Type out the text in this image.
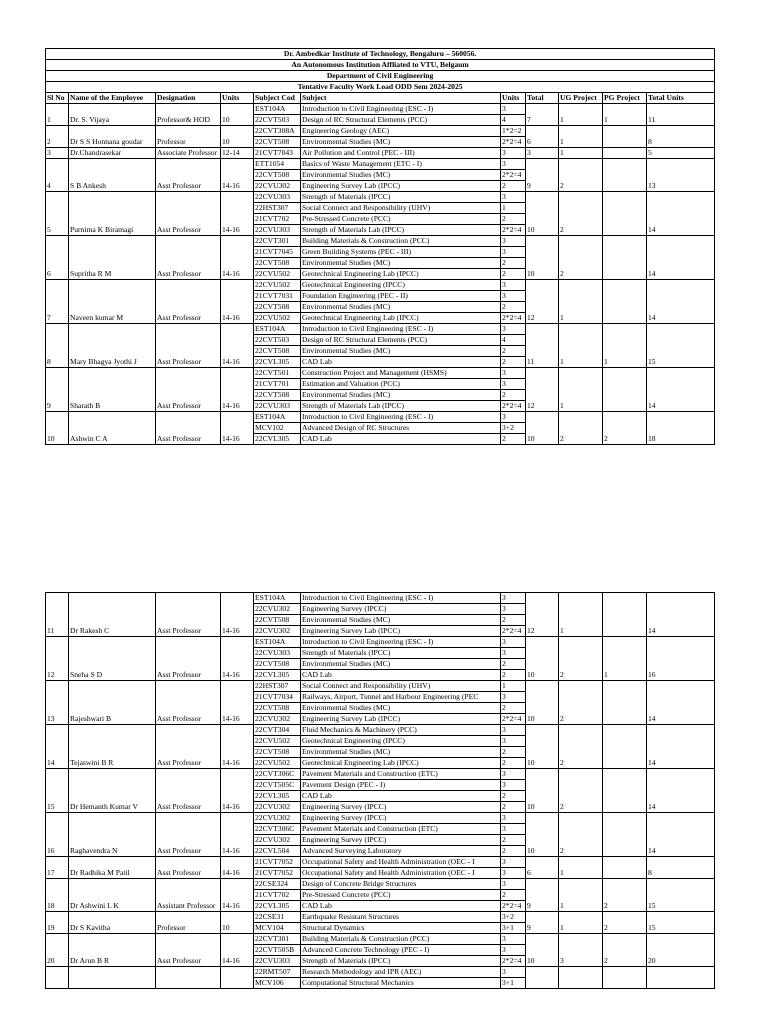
Dr. Ambedkar Institute of Technology, Bengaluru – 560056.										
An Autonomous Institution Affliated to VTU, Belgaum										
Department of Civil Engineering										
Tentative Faculty Work Load ODD Sem 2024-2025										
Sl No	Name of the Employee	Designation	Units	Subject Cod	Subject	Units	Total	UG Project	PG Project	Total Units
1	Dr. S. Vijaya	Professor& HOD	10	EST104A	Introduction to Civil Engineering (ESC - I)	3	7	1	1	11
				22CVT503	Design of RC Structural Elements (PCC)	4				
2	Dr S S Honnana goudar	Professor	10	22CVT308A	Engineering Geology (AEC)	1*2=2	6	1		8
				22CVT508	Environmental Studies (MC)	2*2=4				
3	Dr.Chandrasekar	Associate Professor	12-14	21CVT7043	Air Pollution and Control (PEC - III)	3	3	1		5
4	S B Ankesh	Asst Professor	14-16	ETT1054	Basics of Waste Management (ETC - I)	3	9	2		13
				22CVT508	Environmental Studies (MC)	2*2=4				
				22CVU302	Engineering Survey Lab (IPCC)	2				
5	Purnima K Biramagi	Asst Professor	14-16	22CVU303	Strength of Materials (IPCC)	3	10	2		14
				22HST307	Social Connect and Responsibility (UHV)	1				
				21CVT702	Pre-Stressed Concrete (PCC)	2				
				22CVU303	Strength of Materials Lab (IPCC)	2*2=4				
6	Supritha R M	Asst Professor	14-16	22CVT301	Building Materials & Construction (PCC)	3	10	2		14
				21CVT7045	Green Building Systems (PEC - III)	3				
				22CVT508	Environmental Studies (MC)	2				
				22CVU502	Geotechnical Engineering Lab (IPCC)	2				
7	Naveen kumar M	Asst Professor	14-16	22CVU502	Geotechnical Engineering (IPCC)	3	12	1		14
				21CVT7031	Foundation Engineering (PEC - II)	3				
				22CVT508	Environmental Studies (MC)	2				
				22CVU502	Geotechnical Engineering Lab (IPCC)	2*2=4				
8	Mary Bhagya Jyothi J	Asst Professor	14-16	EST104A	Introduction to Civil Engineering (ESC - I)	3	11	1	1	15
				22CVT503	Design of RC Structural Elements (PCC)	4				
				22CVT508	Environmental Studies (MC)	2				
				22CVL305	CAD Lab	2				
9	Sharath B	Asst Professor	14-16	22CVT501	Construction Project and Management (HSMS)	3	12	1		14
				21CVT701	Estimation and Valuation (PCC)	3				
				22CVT508	Environmental Studies (MC)	2				
				22CVU303	Strength of Materials Lab (IPCC)	2*2=4				
10	Ashwin C A	Asst Professor	14-16	EST104A	Introduction to Civil Engineering (ESC - I)	3	10	2	2	18
				MCV102	Advanced Design of RC Structures	3+2				
				22CVL305	CAD Lab	2				
11	Dr Rakesh C	Asst Professor	14-16	EST104A	Introduction to Civil Engineering (ESC - I)	3	12	1		14
				22CVU302	Engineering Survey (IPCC)	3				
				22CVT508	Environmental Studies (MC)	2				
				22CVU302	Engineering Survey Lab (IPCC)	2*2=4				
12	Sneha S D	Asst Professor	14-16	EST104A	Introduction to Civil Engineering (ESC - I)	3	10	2	1	16
				22CVU303	Strength of Materials (IPCC)	3				
				22CVT508	Environmental Studies (MC)	2				
				22CVL305	CAD Lab	2				
13	Rajeshwari B	Asst Professor	14-16	22HST307	Social Connect and Responsibility (UHV)	1	10	2		14
				21CVT7034	Railways, Airport, Tunnel and Harbour Engineering (PEC	3				
				22CVT508	Environmental Studies (MC)	2				
				22CVU302	Engineering Survey Lab (IPCC)	2*2=4				
14	Tejaswini B R	Asst Professor	14-16	22CVT304	Fluid Mechanics & Machinery (PCC)	3	10	2		14
				22CVU502	Geotechnical Engineering (IPCC)	3				
				22CVT508	Environmental Studies (MC)	2				
				22CVU502	Geotechnical Engineering Lab (IPCC)	2				
15	Dr Hemanth Kumar V	Asst Professor	14-16	22CVT306C	Pavement Materials and Construction (ETC)	3	10	2		14
				22CVT505C	Pavement Design (PEC - I)	3				
				22CVL305	CAD Lab	2				
				22CVU302	Engineering Survey (IPCC)	2				
16	Raghavendra N	Asst Professor	14-16	22CVU302	Engineering Survey (IPCC)	3	10	2		14
				22CVT306C	Pavement Materials and Construction (ETC)	3				
				22CVU302	Engineering Survey (IPCC)	2				
				22CVL504	Advanced Surveying Laboratory	2				
17	Dr Radhika M Patil	Asst Professor	14-16	21CVT7052	Occupational Safety and Health Administration (OEC - I	3	6	1		8
				21CVT7052	Occupational Safety and Health Administration (OEC - I	3				
18	Dr Ashwini L K	Assistant Professor	14-16	22CSE324	Design of Concrete Bridge Structures	3	9	1	2	15
				21CVT702	Pre-Stressed Concrete (PCC)	2				
				22CVL305	CAD Lab	2*2=4				
19	Dr S Kavitha	Professor	10	22CSE31	Earthquake Resistant Structures	3+2	9	1	2	15
				MCV104	Structural Dynamics	3+1				
20	Dr Arun B R	Asst Professor	14-16	22CVT301	Building Materials & Construction (PCC)	3	10	3	2	20
				22CVT505B	Advanced Concrete Technology (PEC - I)	3				
				22CVU303	Strength of Materials (IPCC)	2*2=4				
				22RMT507	Research Methodology and IPR (AEC)	3				
				MCV106	Computational Structural Mechanics	3+1				
